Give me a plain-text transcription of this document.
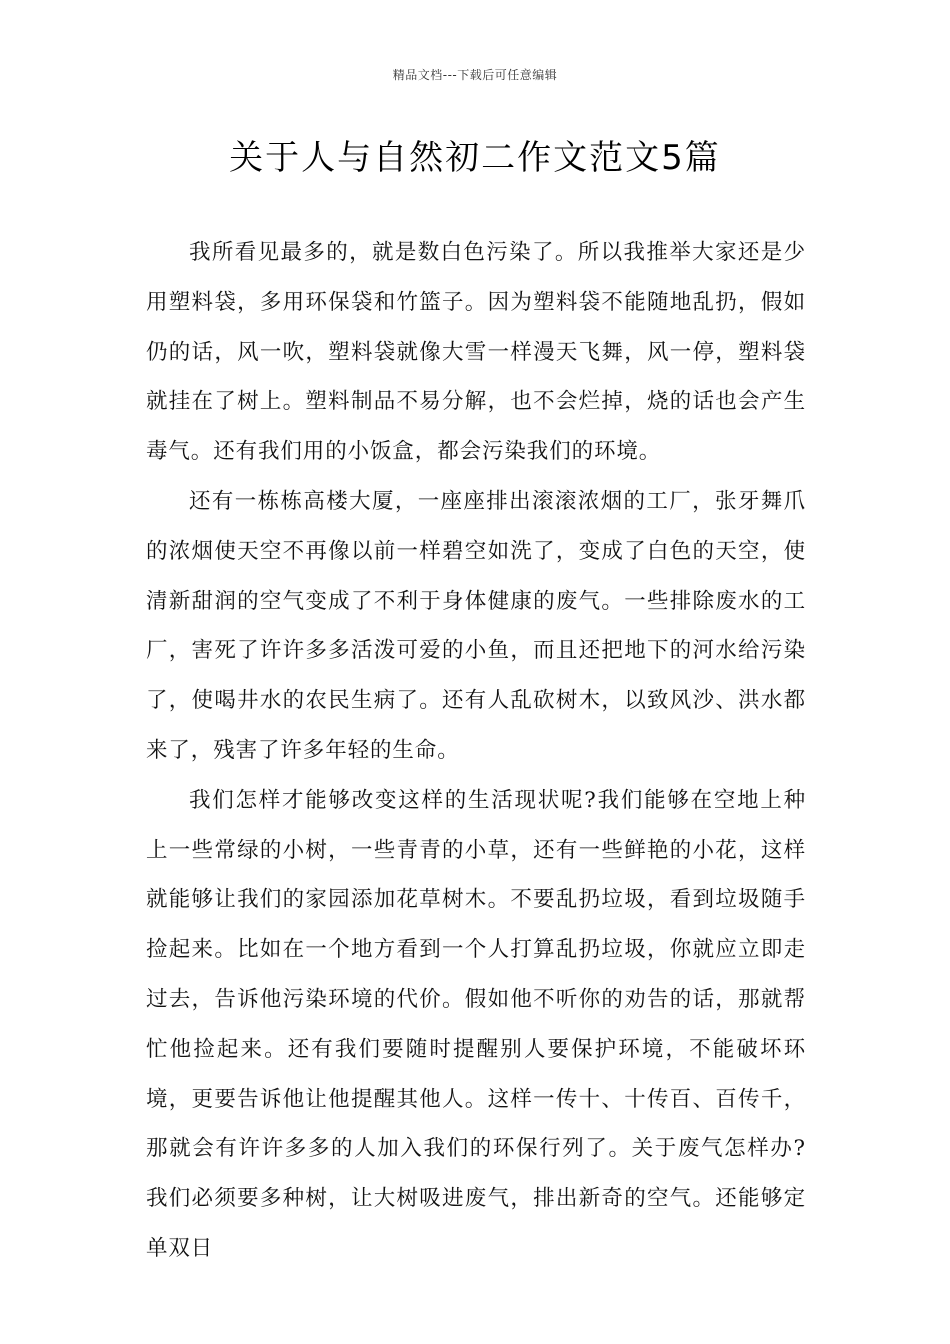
精品文档---下载后可任意编辑
关于人与自然初二作文范文5篇

我所看见最多的，就是数白色污染了。所以我推举大家还是少用塑料袋，多用环保袋和竹篮子。因为塑料袋不能随地乱扔，假如仍的话，风一吹，塑料袋就像大雪一样漫天飞舞，风一停，塑料袋就挂在了树上。塑料制品不易分解，也不会烂掉，烧的话也会产生毒气。还有我们用的小饭盒，都会污染我们的环境。

还有一栋栋高楼大厦，一座座排出滚滚浓烟的工厂，张牙舞爪的浓烟使天空不再像以前一样碧空如洗了，变成了白色的天空，使清新甜润的空气变成了不利于身体健康的废气。一些排除废水的工厂，害死了许许多多活泼可爱的小鱼，而且还把地下的河水给污染了，使喝井水的农民生病了。还有人乱砍树木，以致风沙、洪水都来了，残害了许多年轻的生命。

我们怎样才能够改变这样的生活现状呢?我们能够在空地上种上一些常绿的小树，一些青青的小草，还有一些鲜艳的小花，这样就能够让我们的家园添加花草树木。不要乱扔垃圾，看到垃圾随手捡起来。比如在一个地方看到一个人打算乱扔垃圾，你就应立即走过去，告诉他污染环境的代价。假如他不听你的劝告的话，那就帮忙他捡起来。还有我们要随时提醒别人要保护环境，不能破坏环境，更要告诉他让他提醒其他人。这样一传十、十传百、百传千，那就会有许许多多的人加入我们的环保行列了。关于废气怎样办?我们必须要多种树，让大树吸进废气，排出新奇的空气。还能够定单双日
